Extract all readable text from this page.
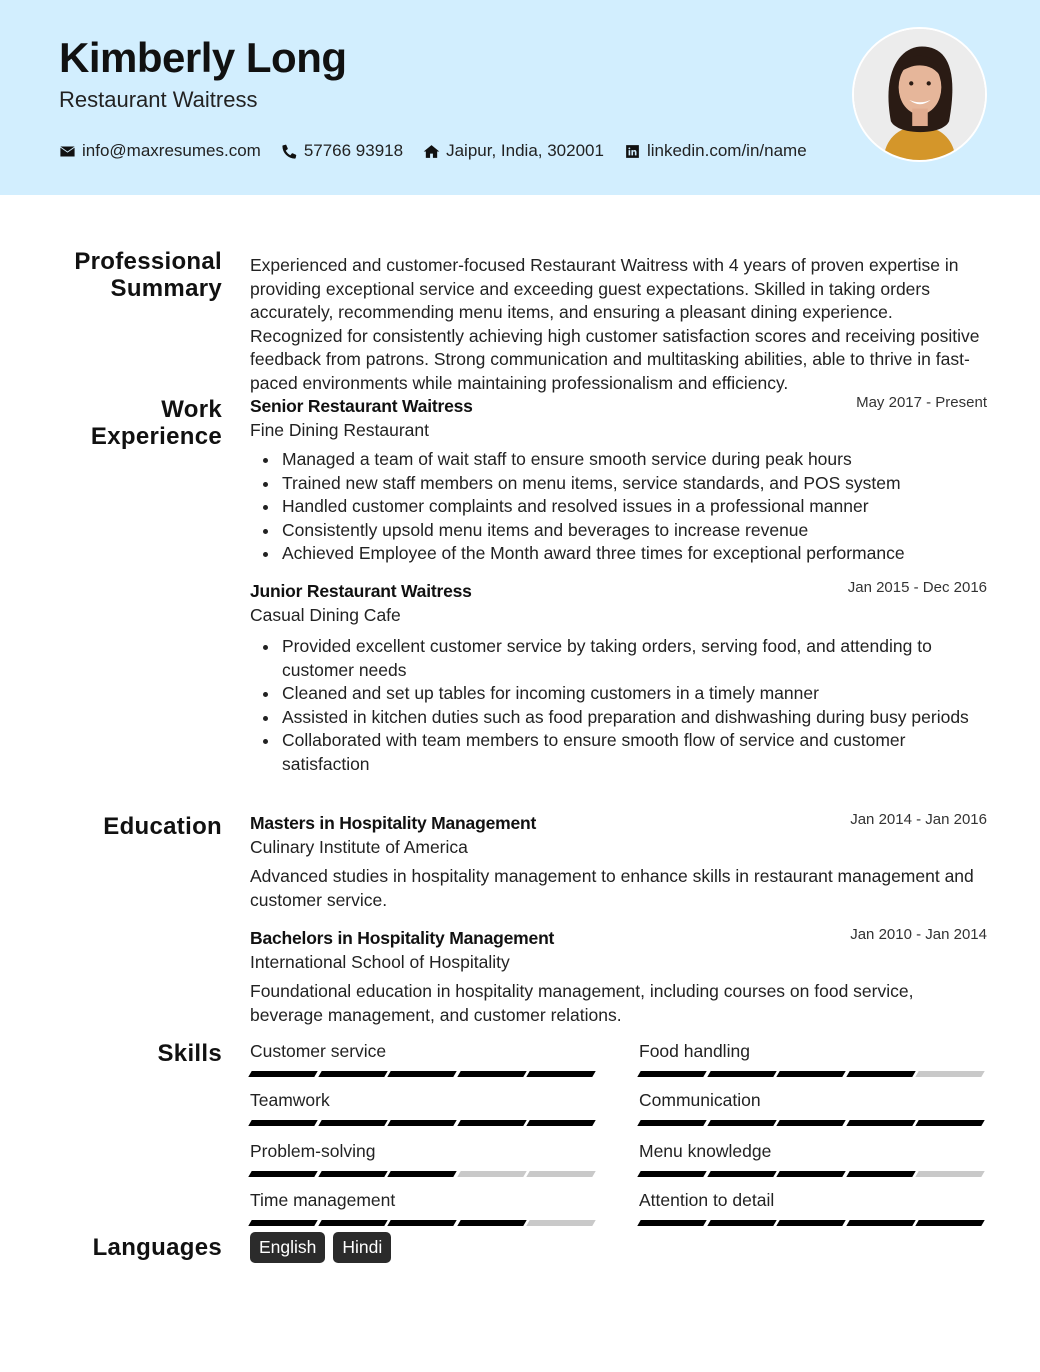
Kimberly Long
Restaurant Waitress
info@maxresumes.com	57766 93918	Jaipur, India, 302001	linkedin.com/in/name
Professional Summary
Experienced and customer-focused Restaurant Waitress with 4 years of proven expertise in providing exceptional service and exceeding guest expectations. Skilled in taking orders accurately, recommending menu items, and ensuring a pleasant dining experience. Recognized for consistently achieving high customer satisfaction scores and receiving positive feedback from patrons. Strong communication and multitasking abilities, able to thrive in fast-paced environments while maintaining professionalism and efficiency.
Work Experience
Senior Restaurant Waitress	May 2017 - Present
Fine Dining Restaurant
Managed a team of wait staff to ensure smooth service during peak hours
Trained new staff members on menu items, service standards, and POS system
Handled customer complaints and resolved issues in a professional manner
Consistently upsold menu items and beverages to increase revenue
Achieved Employee of the Month award three times for exceptional performance
Junior Restaurant Waitress	Jan 2015 - Dec 2016
Casual Dining Cafe
Provided excellent customer service by taking orders, serving food, and attending to customer needs
Cleaned and set up tables for incoming customers in a timely manner
Assisted in kitchen duties such as food preparation and dishwashing during busy periods
Collaborated with team members to ensure smooth flow of service and customer satisfaction
Education Masters in Hospitality Management	Jan 2014 - Jan 2016
Culinary Institute of America
Advanced studies in hospitality management to enhance skills in restaurant management and customer service.
Bachelors in Hospitality Management	Jan 2010 - Jan 2014
International School of Hospitality
Foundational education in hospitality management, including courses on food service, beverage management, and customer relations.
Skills Customer service	Food handling
Teamwork	Communication
Problem-solving	Menu knowledge
Time management	Attention to detail
Languages	English	Hindi
